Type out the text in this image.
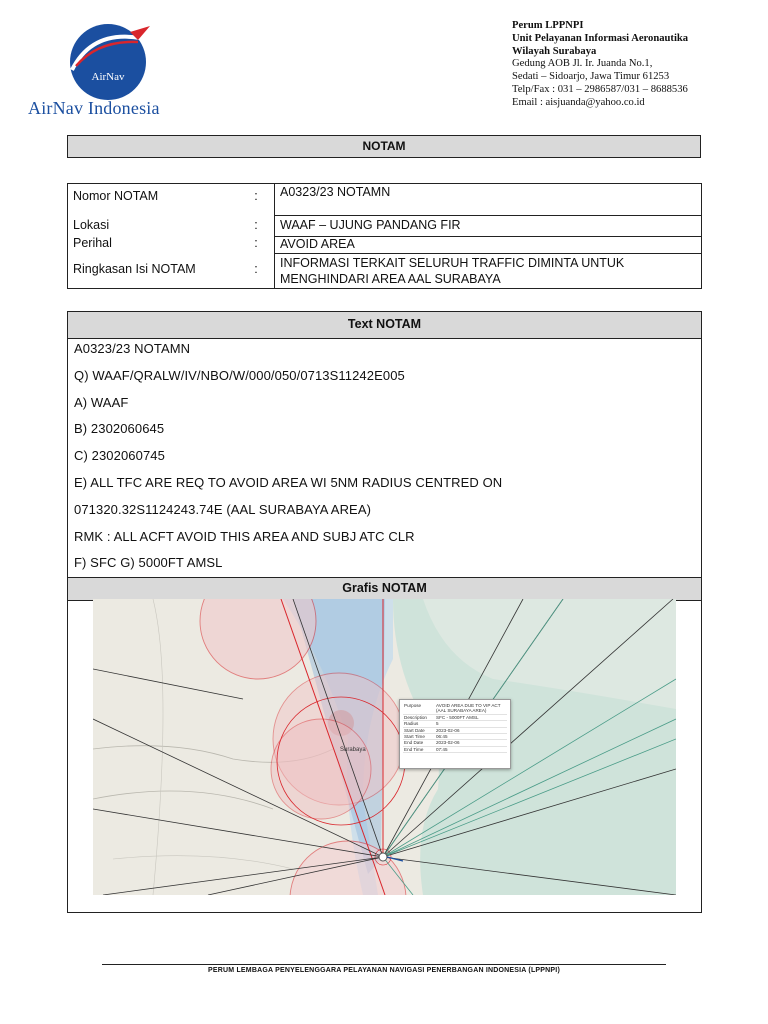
AirNav
AirNav Indonesia
Perum LPPNPI
Unit Pelayanan Informasi Aeronautika
Wilayah Surabaya
Gedung AOB Jl. Ir. Juanda No.1,
Sedati – Sidoarjo, Jawa Timur 61253
Telp/Fax : 031 – 2986587/031 – 8688536
Email : aisjuanda@yahoo.co.id
NOTAM
Nomor NOTAM	:	A0323/23 NOTAMN
Lokasi	:	WAAF – UJUNG PANDANG FIR
Perihal	:	AVOID AREA
Ringkasan Isi NOTAM	:	INFORMASI TERKAIT SELURUH TRAFFIC DIMINTA UNTUK MENGHINDARI AREA AAL SURABAYA
Text NOTAM
A0323/23 NOTAMN
Q) WAAF/QRALW/IV/NBO/W/000/050/0713S11242E005
A) WAAF
B) 2302060645
C) 2302060745
E) ALL TFC ARE REQ TO AVOID AREA WI 5NM RADIUS CENTRED ON
071320.32S1124243.74E (AAL SURABAYA AREA)
RMK : ALL ACFT AVOID THIS AREA AND SUBJ ATC CLR
F) SFC G) 5000FT AMSL
Grafis NOTAM
Surabaya
Purpose	AVOID AREA DUE TO VIP ACT (AAL SURABAYA AREA)
Description	SFC - 5000FT AMSL
Radius	5
Start Date	2023-02-06
Start Time	06:45
End Date	2023-02-06
End Time	07:45
PERUM LEMBAGA PENYELENGGARA PELAYANAN NAVIGASI PENERBANGAN INDONESIA (LPPNPI)
